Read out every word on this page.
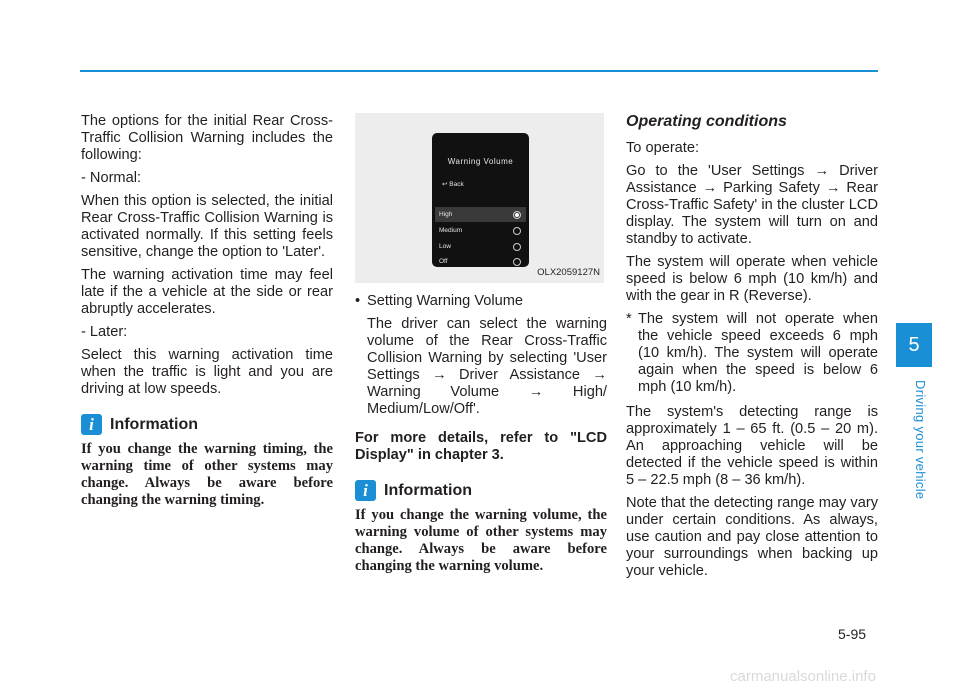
The options for the initial Rear Cross-Traffic Collision Warning includes the following:

- Normal:

When this option is selected, the initial Rear Cross-Traffic Collision Warning is activated normally. If this setting feels sensitive, change the option to 'Later'.

The warning activation time may feel late if the a vehicle at the side or rear abruptly accelerates.

- Later:

Select this warning activation time when the traffic is light and you are driving at low speeds.

i	Information
If you change the warning timing, the warning time of other systems may change. Always be aware before changing the warning timing.
Warning Volume
↩ Back
High
Medium
Low
Off
OLX2059127N
• Setting Warning Volume

The driver can select the warning volume of the Rear Cross-Traffic Collision Warning by selecting 'User Settings → Driver Assistance → Warning Volume → High/ Medium/Low/Off'.

For more details, refer to "LCD Display" in chapter 3.

i	Information
If you change the warning volume, the warning volume of other systems may change. Always be aware before changing the warning volume.
Operating conditions

To operate:

Go to the 'User Settings → Driver Assistance → Parking Safety → Rear Cross-Traffic Safety' in the cluster LCD display. The system will turn on and standby to activate.

The system will operate when vehicle speed is below 6 mph (10 km/h) and with the gear in R (Reverse).

* The system will not operate when the vehicle speed exceeds 6 mph (10 km/h). The system will operate again when the speed is below 6 mph (10 km/h).

The system's detecting range is approximately 1 – 65 ft. (0.5 – 20 m). An approaching vehicle will be detected if the vehicle speed is within 5 – 22.5 mph (8 – 36 km/h).

Note that the detecting range may vary under certain conditions. As always, use caution and pay close attention to your surroundings when backing up your vehicle.

5
Driving your vehicle
5-95
carmanualsonline.info
